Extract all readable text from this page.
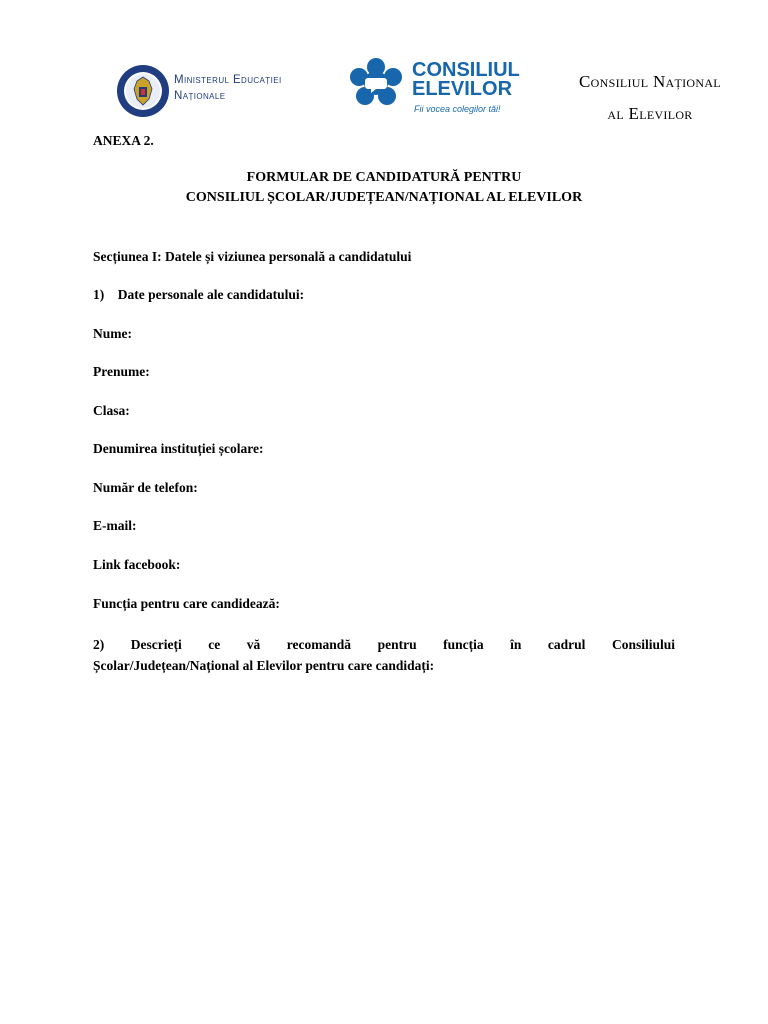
Ministerul Educației
Naționale
CONSILIUL
ELEVILOR
Fii vocea colegilor tăi!
Consiliul Național
al Elevilor
ANEXA 2.
FORMULAR DE CANDIDATURĂ PENTRU
CONSILIUL ȘCOLAR/JUDEȚEAN/NAȚIONAL AL ELEVILOR
Secțiunea I: Datele și viziunea personală a candidatului
1)    Date personale ale candidatului:
Nume:
Prenume:
Clasa:
Denumirea instituției școlare:
Număr de telefon:
E-mail:
Link facebook:
Funcția pentru care candidează:
2) Descrieți ce vă recomandă pentru funcția în cadrul Consiliului
Școlar/Județean/Național al Elevilor pentru care candidați:
